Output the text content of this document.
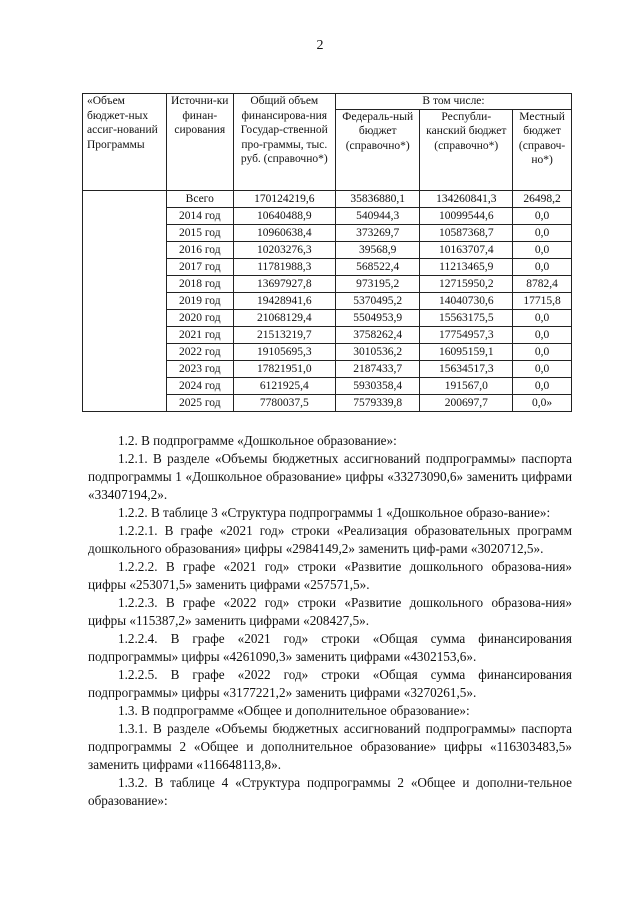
2
«Объем бюджет-ных ассиг-нований Программы	Источни-ки финан-сирования	Общий объем финансирова-ния Государ-ственной про-граммы, тыс. руб. (справочно*)	В том числе:		
			Федераль-ный бюджет (справочно*)	Республи-канский бюджет (справочно*)	Местный бюджет (справоч-но*)
	Всего	170124219,6	35836880,1	134260841,3	26498,2
	2014 год	10640488,9	540944,3	10099544,6	0,0
	2015 год	10960638,4	373269,7	10587368,7	0,0
	2016 год	10203276,3	39568,9	10163707,4	0,0
	2017 год	11781988,3	568522,4	11213465,9	0,0
	2018 год	13697927,8	973195,2	12715950,2	8782,4
	2019 год	19428941,6	5370495,2	14040730,6	17715,8
	2020 год	21068129,4	5504953,9	15563175,5	0,0
	2021 год	21513219,7	3758262,4	17754957,3	0,0
	2022 год	19105695,3	3010536,2	16095159,1	0,0
	2023 год	17821951,0	2187433,7	15634517,3	0,0
	2024 год	6121925,4	5930358,4	191567,0	0,0
	2025 год	7780037,5	7579339,8	200697,7	0,0»

1.2. В подпрограмме «Дошкольное образование»:

1.2.1. В разделе «Объемы бюджетных ассигнований подпрограммы» паспорта подпрограммы 1 «Дошкольное образование» цифры «33273090,6» заменить цифрами «33407194,2».

1.2.2. В таблице 3 «Структура подпрограммы 1 «Дошкольное образо-вание»:

1.2.2.1. В графе «2021 год» строки «Реализация образовательных программ дошкольного образования» цифры «2984149,2» заменить циф-рами «3020712,5».

1.2.2.2. В графе «2021 год» строки «Развитие дошкольного образова-ния» цифры «253071,5» заменить цифрами «257571,5».

1.2.2.3. В графе «2022 год» строки «Развитие дошкольного образова-ния» цифры «115387,2» заменить цифрами «208427,5».

1.2.2.4. В графе «2021 год» строки «Общая сумма финансирования подпрограммы» цифры «4261090,3» заменить цифрами «4302153,6».

1.2.2.5. В графе «2022 год» строки «Общая сумма финансирования подпрограммы» цифры «3177221,2» заменить цифрами «3270261,5».

1.3. В подпрограмме «Общее и дополнительное образование»:

1.3.1. В разделе «Объемы бюджетных ассигнований подпрограммы» паспорта подпрограммы 2 «Общее и дополнительное образование» цифры «116303483,5» заменить цифрами «116648113,8».

1.3.2. В таблице 4 «Структура подпрограммы 2 «Общее и дополни-тельное образование»:
